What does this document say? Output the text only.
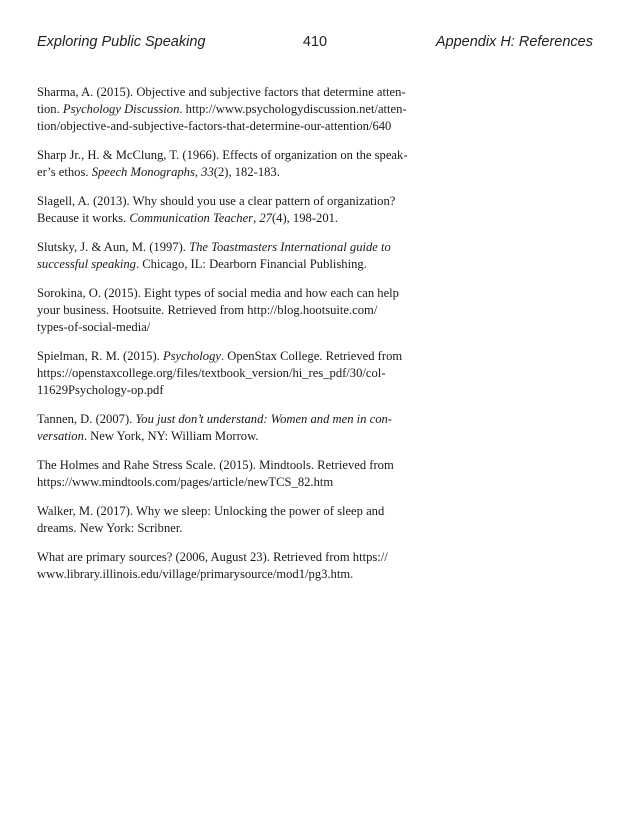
Exploring Public Speaking	410	Appendix H: References

Sharma, A. (2015). Objective and subjective factors that determine atten-
tion. Psychology Discussion. http://www.psychologydiscussion.net/atten-
tion/objective-and-subjective-factors-that-determine-our-attention/640

Sharp Jr., H. & McClung, T. (1966). Effects of organization on the speak-
er’s ethos. Speech Monographs, 33(2), 182-183.

Slagell, A. (2013). Why should you use a clear pattern of organization?
Because it works. Communication Teacher, 27(4), 198-201.

Slutsky, J. & Aun, M. (1997). The Toastmasters International guide to
successful speaking. Chicago, IL: Dearborn Financial Publishing.

Sorokina, O. (2015). Eight types of social media and how each can help
your business. Hootsuite. Retrieved from http://blog.hootsuite.com/
types-of-social-media/

Spielman, R. M. (2015). Psychology. OpenStax College. Retrieved from
https://openstaxcollege.org/files/textbook_version/hi_res_pdf/30/col-
11629Psychology-op.pdf

Tannen, D. (2007). You just don’t understand: Women and men in con-
versation. New York, NY: William Morrow.

The Holmes and Rahe Stress Scale. (2015). Mindtools. Retrieved from
https://www.mindtools.com/pages/article/newTCS_82.htm

Walker, M. (2017). Why we sleep: Unlocking the power of sleep and
dreams. New York: Scribner.

What are primary sources? (2006, August 23). Retrieved from https://
www.library.illinois.edu/village/primarysource/mod1/pg3.htm.
